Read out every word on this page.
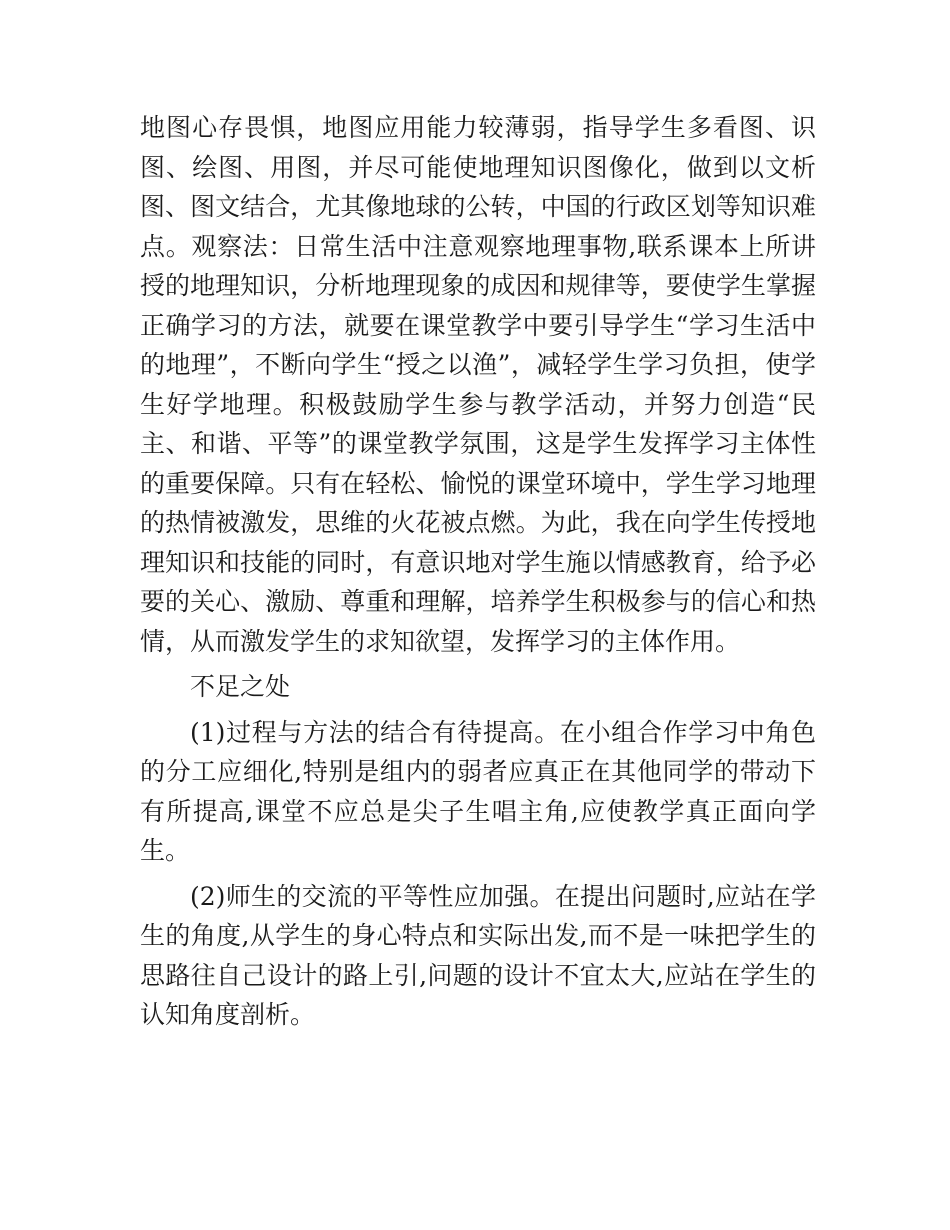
地图心存畏惧，地图应用能力较薄弱，指导学生多看图、识图、绘图、用图，并尽可能使地理知识图像化，做到以文析图、图文结合，尤其像地球的公转，中国的行政区划等知识难点。观察法：日常生活中注意观察地理事物,联系课本上所讲授的地理知识，分析地理现象的成因和规律等，要使学生掌握正确学习的方法，就要在课堂教学中要引导学生“学习生活中的地理”，不断向学生“授之以渔”，减轻学生学习负担，使学生好学地理。积极鼓励学生参与教学活动，并努力创造“民主、和谐、平等”的课堂教学氛围，这是学生发挥学习主体性的重要保障。只有在轻松、愉悦的课堂环境中，学生学习地理的热情被激发，思维的火花被点燃。为此，我在向学生传授地理知识和技能的同时，有意识地对学生施以情感教育，给予必要的关心、激励、尊重和理解，培养学生积极参与的信心和热情，从而激发学生的求知欲望，发挥学习的主体作用。

不足之处

(1)过程与方法的结合有待提高。在小组合作学习中角色的分工应细化,特别是组内的弱者应真正在其他同学的带动下有所提高,课堂不应总是尖子生唱主角,应使教学真正面向学生。

(2)师生的交流的平等性应加强。在提出问题时,应站在学生的角度,从学生的身心特点和实际出发,而不是一味把学生的思路往自己设计的路上引,问题的设计不宜太大,应站在学生的认知角度剖析。
